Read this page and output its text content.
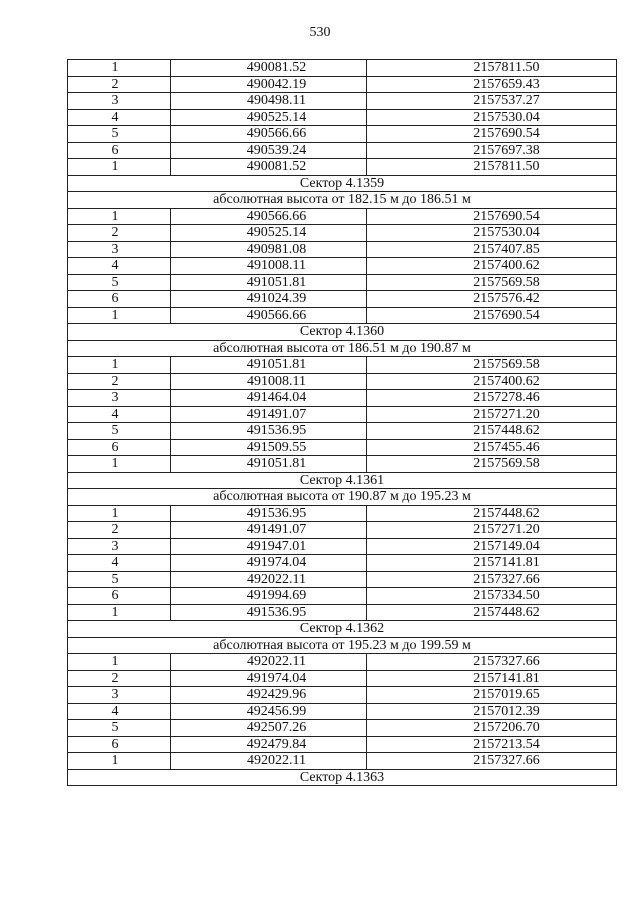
530
1	490081.52	2157811.50
2	490042.19	2157659.43
3	490498.11	2157537.27
4	490525.14	2157530.04
5	490566.66	2157690.54
6	490539.24	2157697.38
1	490081.52	2157811.50
Сектор 4.1359		
абсолютная высота от 182.15 м до 186.51 м		
1	490566.66	2157690.54
2	490525.14	2157530.04
3	490981.08	2157407.85
4	491008.11	2157400.62
5	491051.81	2157569.58
6	491024.39	2157576.42
1	490566.66	2157690.54
Сектор 4.1360		
абсолютная высота от 186.51 м до 190.87 м		
1	491051.81	2157569.58
2	491008.11	2157400.62
3	491464.04	2157278.46
4	491491.07	2157271.20
5	491536.95	2157448.62
6	491509.55	2157455.46
1	491051.81	2157569.58
Сектор 4.1361		
абсолютная высота от 190.87 м до 195.23 м		
1	491536.95	2157448.62
2	491491.07	2157271.20
3	491947.01	2157149.04
4	491974.04	2157141.81
5	492022.11	2157327.66
6	491994.69	2157334.50
1	491536.95	2157448.62
Сектор 4.1362		
абсолютная высота от 195.23 м до 199.59 м		
1	492022.11	2157327.66
2	491974.04	2157141.81
3	492429.96	2157019.65
4	492456.99	2157012.39
5	492507.26	2157206.70
6	492479.84	2157213.54
1	492022.11	2157327.66
Сектор 4.1363		
